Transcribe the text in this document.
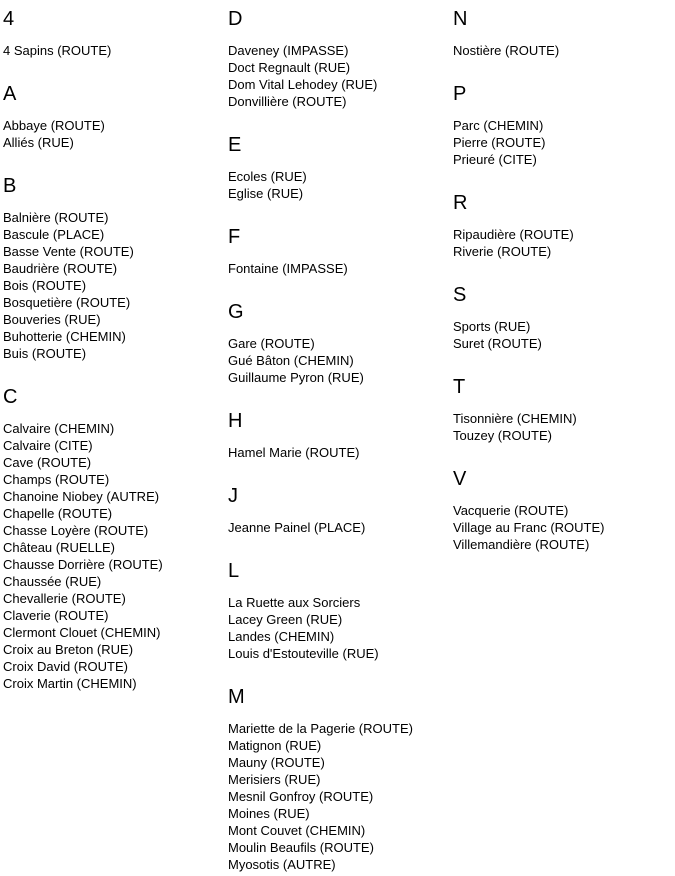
4
4 Sapins (ROUTE)
A
Abbaye (ROUTE)
Alliés (RUE)
B
Balnière (ROUTE)
Bascule (PLACE)
Basse Vente (ROUTE)
Baudrière (ROUTE)
Bois (ROUTE)
Bosquetière (ROUTE)
Bouveries (RUE)
Buhotterie (CHEMIN)
Buis (ROUTE)
C
Calvaire (CHEMIN)
Calvaire (CITE)
Cave (ROUTE)
Champs (ROUTE)
Chanoine Niobey (AUTRE)
Chapelle (ROUTE)
Chasse Loyère (ROUTE)
Château (RUELLE)
Chausse Dorrière (ROUTE)
Chaussée (RUE)
Chevallerie (ROUTE)
Claverie (ROUTE)
Clermont Clouet (CHEMIN)
Croix au Breton (RUE)
Croix David (ROUTE)
Croix Martin (CHEMIN)
D
Daveney (IMPASSE)
Doct Regnault (RUE)
Dom Vital Lehodey (RUE)
Donvillière (ROUTE)
E
Ecoles (RUE)
Eglise (RUE)
F
Fontaine (IMPASSE)
G
Gare (ROUTE)
Gué Bâton (CHEMIN)
Guillaume Pyron (RUE)
H
Hamel Marie (ROUTE)
J
Jeanne Painel (PLACE)
L
La Ruette aux Sorciers
Lacey Green (RUE)
Landes (CHEMIN)
Louis d'Estouteville (RUE)
M
Mariette de la Pagerie (ROUTE)
Matignon (RUE)
Mauny (ROUTE)
Merisiers (RUE)
Mesnil Gonfroy (ROUTE)
Moines (RUE)
Mont Couvet (CHEMIN)
Moulin Beaufils (ROUTE)
Myosotis (AUTRE)
N
Nostière (ROUTE)
P
Parc (CHEMIN)
Pierre (ROUTE)
Prieuré (CITE)
R
Ripaudière (ROUTE)
Riverie (ROUTE)
S
Sports (RUE)
Suret (ROUTE)
T
Tisonnière (CHEMIN)
Touzey (ROUTE)
V
Vacquerie (ROUTE)
Village au Franc (ROUTE)
Villemandière (ROUTE)
